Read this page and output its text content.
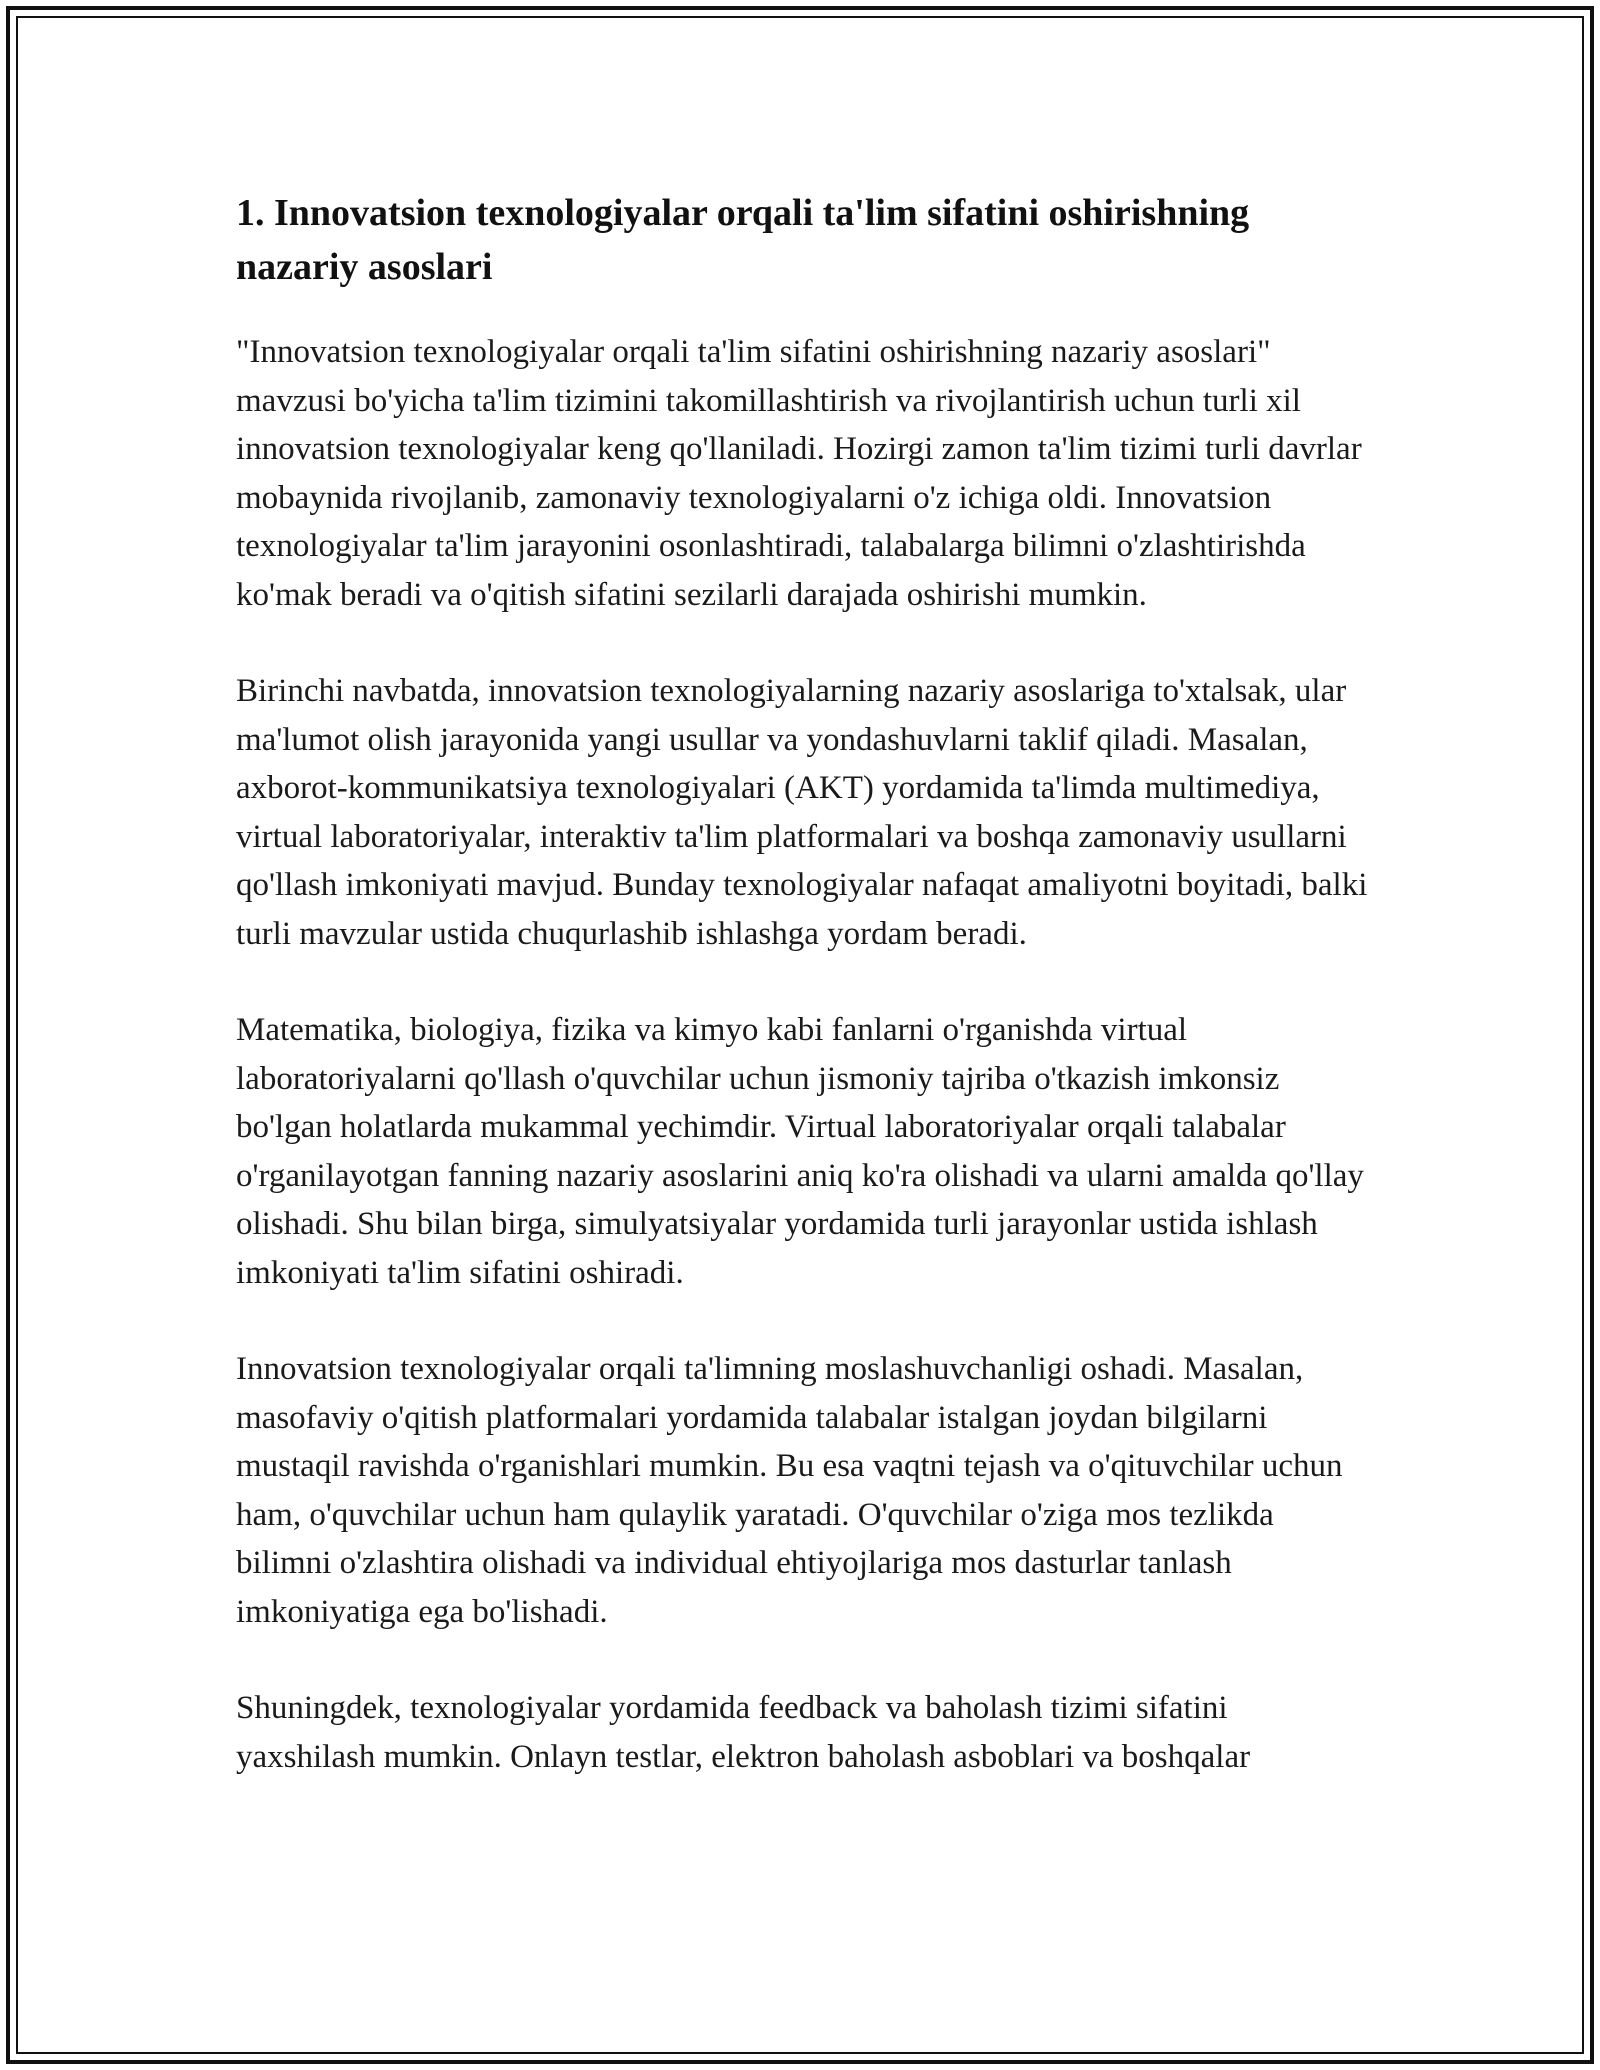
1. Innovatsion texnologiyalar orqali ta'lim sifatini oshirishning nazariy asoslari

"Innovatsion texnologiyalar orqali ta'lim sifatini oshirishning nazariy asoslari" mavzusi bo'yicha ta'lim tizimini takomillashtirish va rivojlantirish uchun turli xil innovatsion texnologiyalar keng qo'llaniladi. Hozirgi zamon ta'lim tizimi turli davrlar mobaynida rivojlanib, zamonaviy texnologiyalarni o'z ichiga oldi. Innovatsion texnologiyalar ta'lim jarayonini osonlashtiradi, talabalarga bilimni o'zlashtirishda ko'mak beradi va o'qitish sifatini sezilarli darajada oshirishi mumkin.

Birinchi navbatda, innovatsion texnologiyalarning nazariy asoslariga to'xtalsak, ular ma'lumot olish jarayonida yangi usullar va yondashuvlarni taklif qiladi. Masalan, axborot-kommunikatsiya texnologiyalari (AKT) yordamida ta'limda multimediya, virtual laboratoriyalar, interaktiv ta'lim platformalari va boshqa zamonaviy usullarni qo'llash imkoniyati mavjud. Bunday texnologiyalar nafaqat amaliyotni boyitadi, balki turli mavzular ustida chuqurlashib ishlashga yordam beradi.

Matematika, biologiya, fizika va kimyo kabi fanlarni o'rganishda virtual laboratoriyalarni qo'llash o'quvchilar uchun jismoniy tajriba o'tkazish imkonsiz bo'lgan holatlarda mukammal yechimdir. Virtual laboratoriyalar orqali talabalar o'rganilayotgan fanning nazariy asoslarini aniq ko'ra olishadi va ularni amalda qo'llay olishadi. Shu bilan birga, simulyatsiyalar yordamida turli jarayonlar ustida ishlash imkoniyati ta'lim sifatini oshiradi.

Innovatsion texnologiyalar orqali ta'limning moslashuvchanligi oshadi. Masalan, masofaviy o'qitish platformalari yordamida talabalar istalgan joydan bilgilarni mustaqil ravishda o'rganishlari mumkin. Bu esa vaqtni tejash va o'qituvchilar uchun ham, o'quvchilar uchun ham qulaylik yaratadi. O'quvchilar o'ziga mos tezlikda bilimni o'zlashtira olishadi va individual ehtiyojlariga mos dasturlar tanlash imkoniyatiga ega bo'lishadi.

Shuningdek, texnologiyalar yordamida feedback va baholash tizimi sifatini yaxshilash mumkin. Onlayn testlar, elektron baholash asboblari va boshqalar
